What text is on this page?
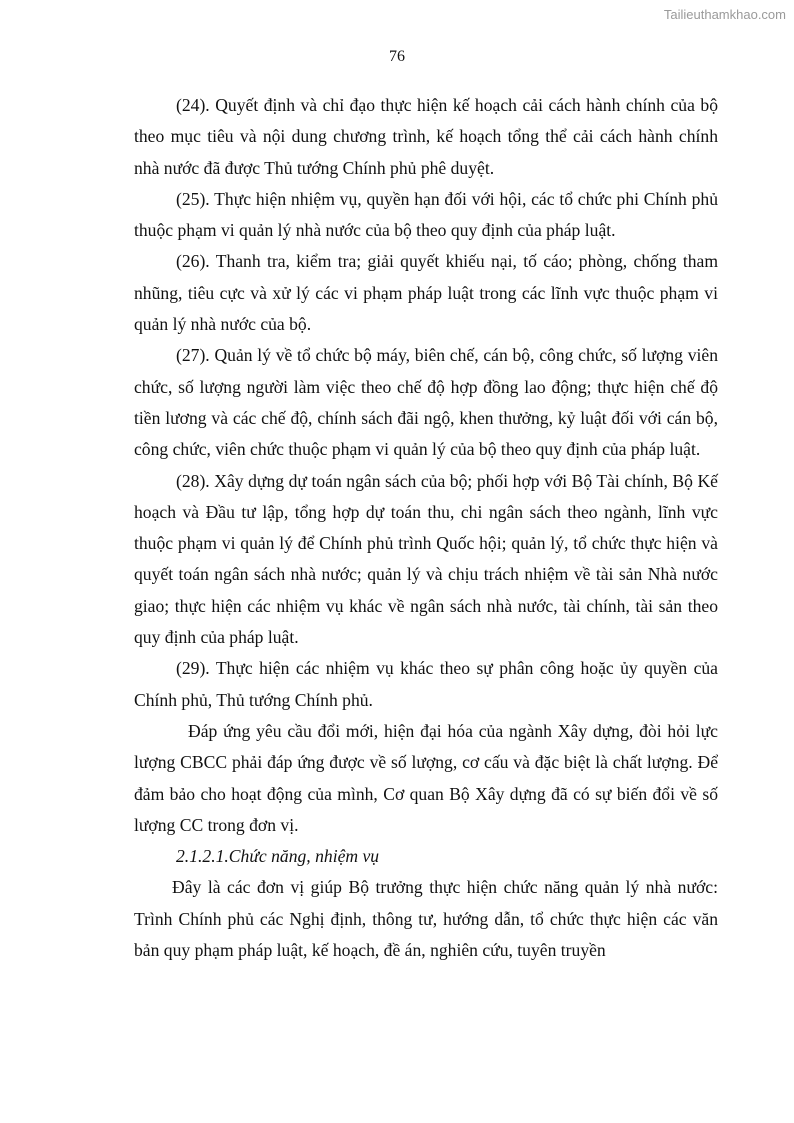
Tailieuthamkhao.com
76

(24). Quyết định và chỉ đạo thực hiện kế hoạch cải cách hành chính của bộ theo mục tiêu và nội dung chương trình, kế hoạch tổng thể cải cách hành chính nhà nước đã được Thủ tướng Chính phủ phê duyệt.

(25). Thực hiện nhiệm vụ, quyền hạn đối với hội, các tổ chức phi Chính phủ thuộc phạm vi quản lý nhà nước của bộ theo quy định của pháp luật.

(26). Thanh tra, kiểm tra; giải quyết khiếu nại, tố cáo; phòng, chống tham nhũng, tiêu cực và xử lý các vi phạm pháp luật trong các lĩnh vực thuộc phạm vi quản lý nhà nước của bộ.

(27). Quản lý về tổ chức bộ máy, biên chế, cán bộ, công chức, số lượng viên chức, số lượng người làm việc theo chế độ hợp đồng lao động; thực hiện chế độ tiền lương và các chế độ, chính sách đãi ngộ, khen thưởng, kỷ luật đối với cán bộ, công chức, viên chức thuộc phạm vi quản lý của bộ theo quy định của pháp luật.

(28). Xây dựng dự toán ngân sách của bộ; phối hợp với Bộ Tài chính, Bộ Kế hoạch và Đầu tư lập, tổng hợp dự toán thu, chi ngân sách theo ngành, lĩnh vực thuộc phạm vi quản lý để Chính phủ trình Quốc hội; quản lý, tổ chức thực hiện và quyết toán ngân sách nhà nước; quản lý và chịu trách nhiệm về tài sản Nhà nước giao; thực hiện các nhiệm vụ khác về ngân sách nhà nước, tài chính, tài sản theo quy định của pháp luật.

(29). Thực hiện các nhiệm vụ khác theo sự phân công hoặc ủy quyền của Chính phủ, Thủ tướng Chính phủ.

Đáp ứng yêu cầu đổi mới, hiện đại hóa của ngành Xây dựng, đòi hỏi lực lượng CBCC phải đáp ứng được về số lượng, cơ cấu và đặc biệt là chất lượng. Để đảm bảo cho hoạt động của mình, Cơ quan Bộ Xây dựng đã có sự biến đổi về số lượng CC trong đơn vị.

2.1.2.1.Chức năng, nhiệm vụ

Đây là các đơn vị giúp Bộ trưởng thực hiện chức năng quản lý nhà nước: Trình Chính phủ các Nghị định, thông tư, hướng dẫn, tổ chức thực hiện các văn bản quy phạm pháp luật, kế hoạch, đề án, nghiên cứu, tuyên truyền
